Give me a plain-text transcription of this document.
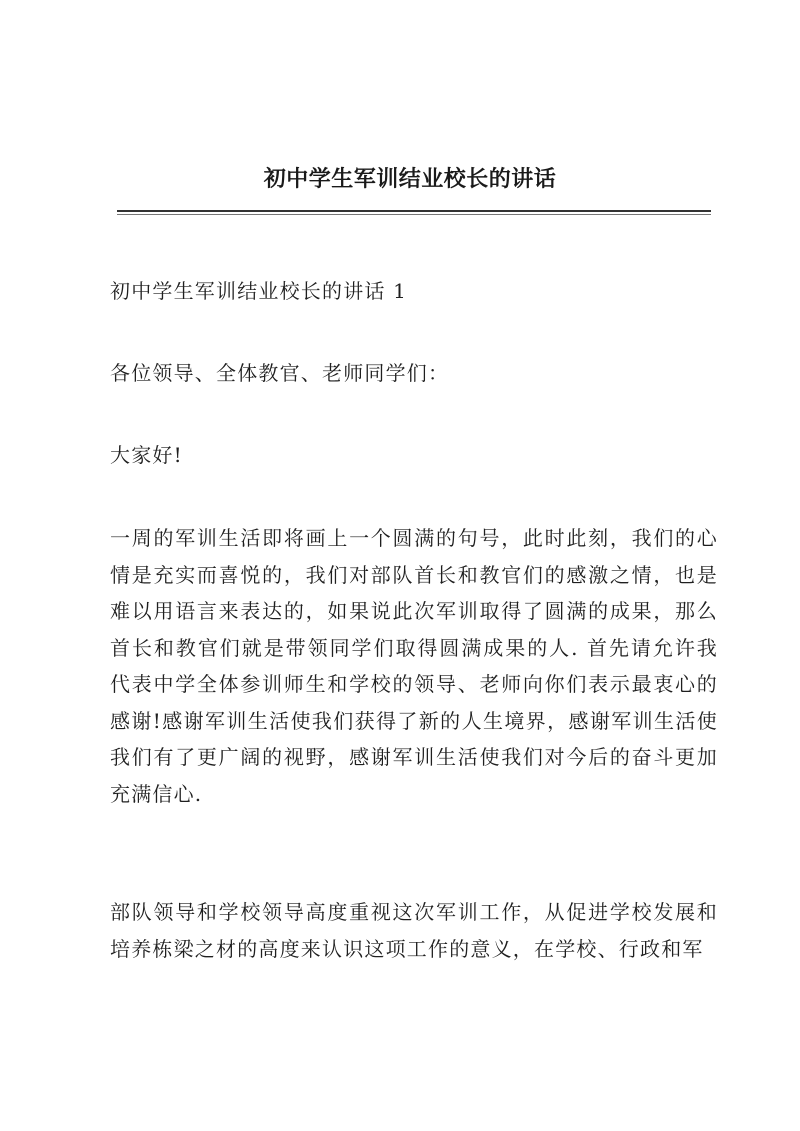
初中学生军训结业校长的讲话

初中学生军训结业校长的讲话 1

各位领导、全体教官、老师同学们：

大家好!

一周的军训生活即将画上一个圆满的句号，此时此刻，我们的心情是充实而喜悦的，我们对部队首长和教官们的感激之情，也是难以用语言来表达的，如果说此次军训取得了圆满的成果，那么首长和教官们就是带领同学们取得圆满成果的人. 首先请允许我代表中学全体参训师生和学校的领导、老师向你们表示最衷心的感谢!感谢军训生活使我们获得了新的人生境界，感谢军训生活使我们有了更广阔的视野，感谢军训生活使我们对今后的奋斗更加充满信心.

部队领导和学校领导高度重视这次军训工作，从促进学校发展和培养栋梁之材的高度来认识这项工作的意义，在学校、行政和军
